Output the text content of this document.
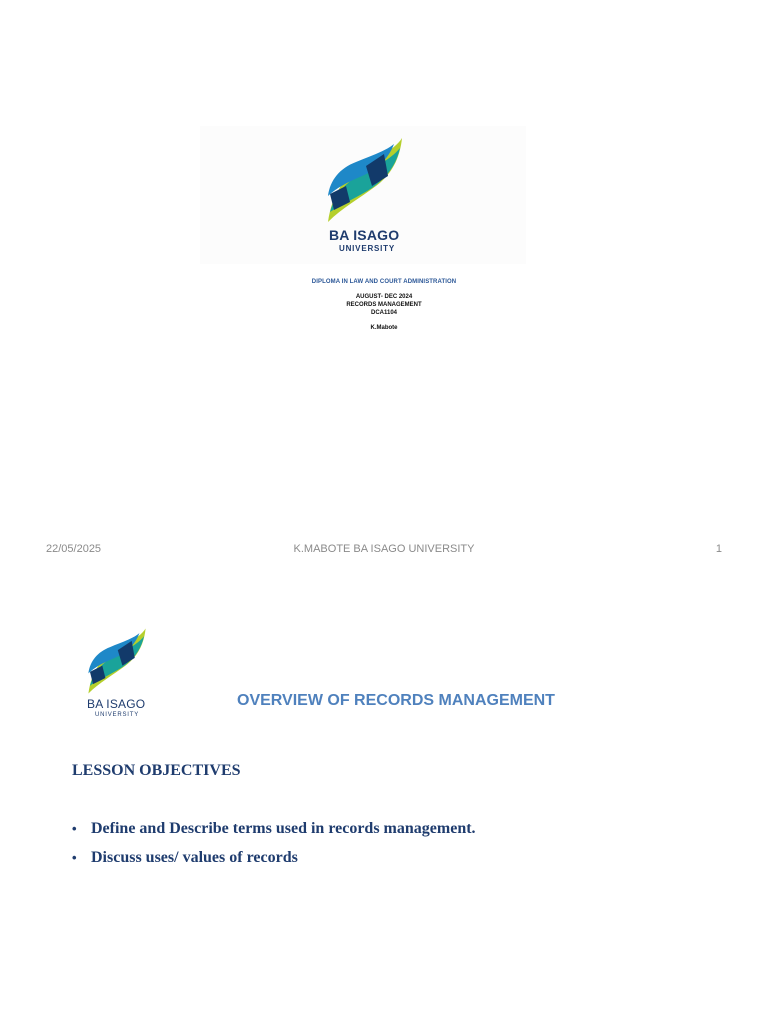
BA ISAGO
UNIVERSITY
DIPLOMA IN LAW AND COURT ADMINISTRATION
AUGUST- DEC 2024
RECORDS MANAGEMENT
DCA1104
K.Mabote
22/05/2025	K.MABOTE BA ISAGO UNIVERSITY	1
BA ISAGO
UNIVERSITY
OVERVIEW OF RECORDS MANAGEMENT
LESSON OBJECTIVES
• Define and Describe terms used in records management.
• Discuss uses/ values of records
